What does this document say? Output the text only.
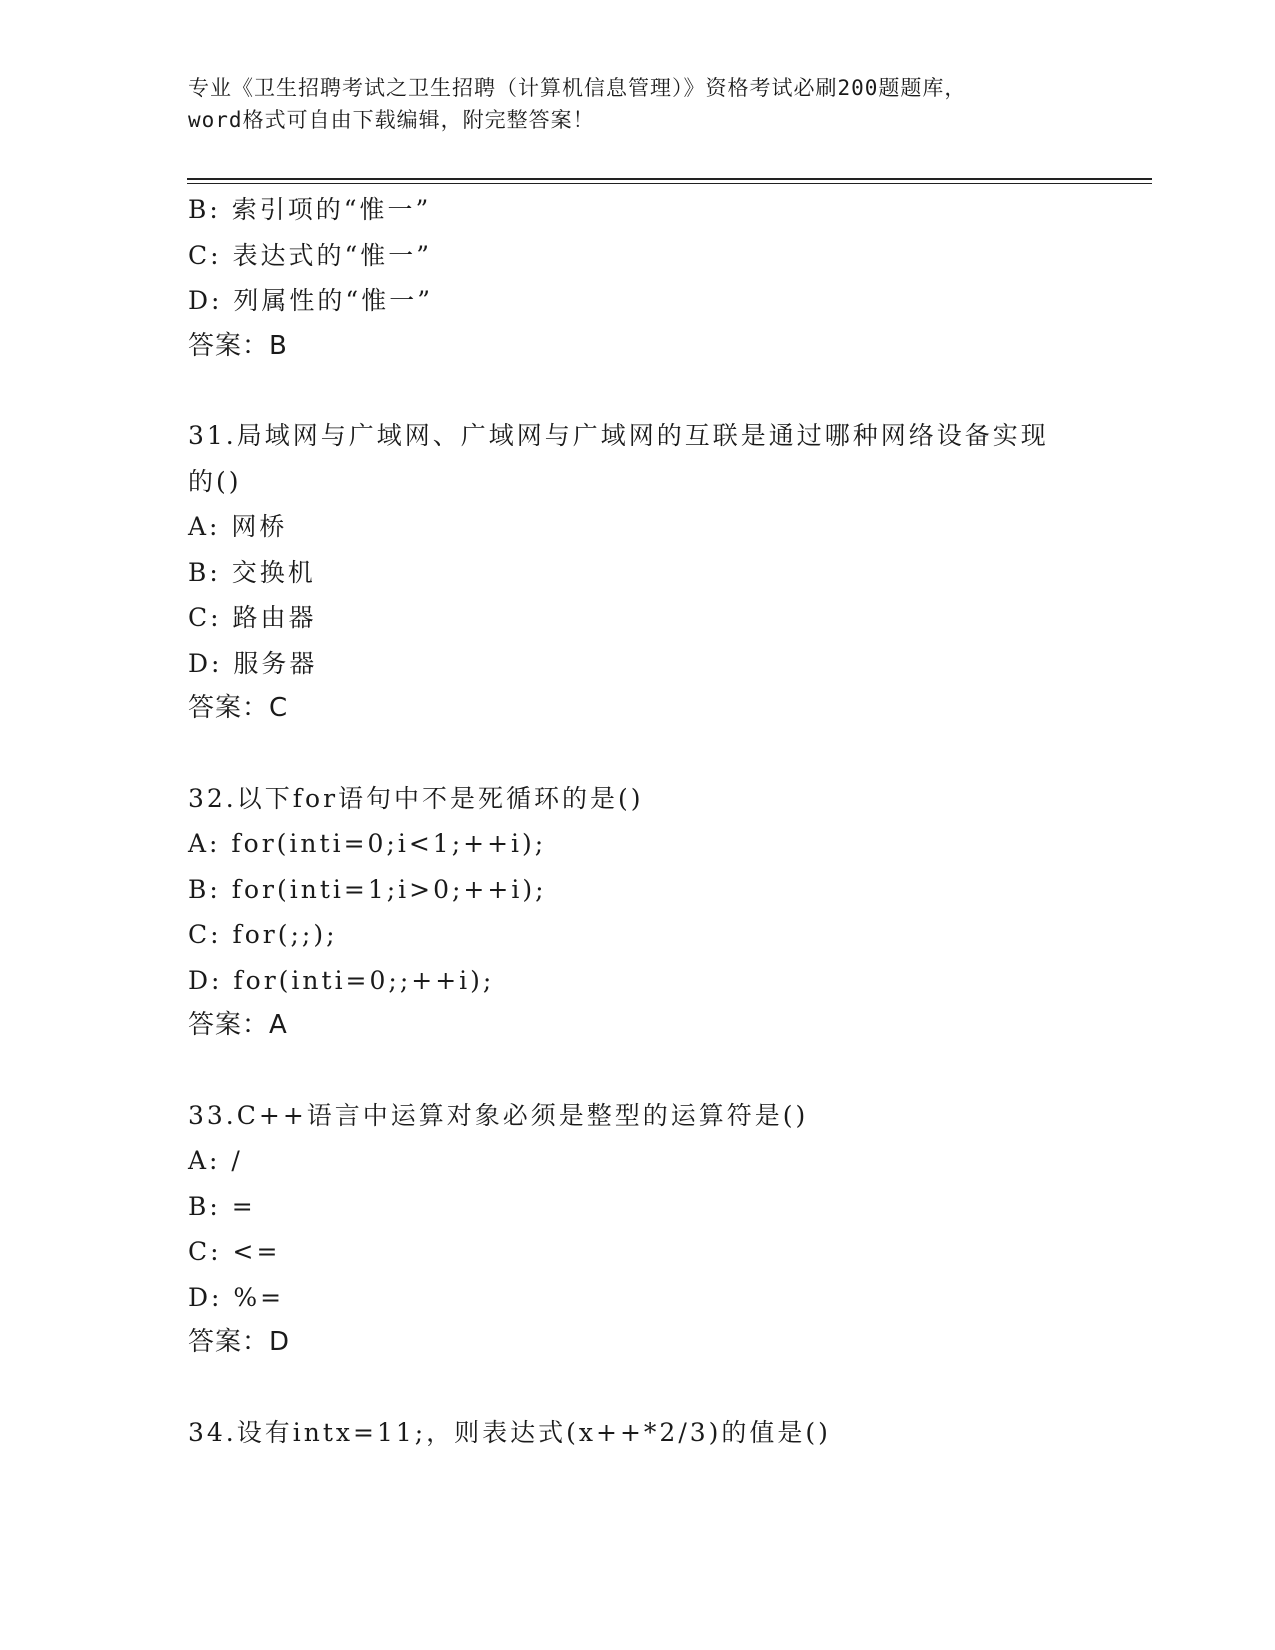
专业《卫生招聘考试之卫生招聘（计算机信息管理）》资格考试必刷200题题库，
word格式可自由下载编辑，附完整答案！
B: 索引项的“惟一”
C: 表达式的“惟一”
D: 列属性的“惟一”
答案：B
31.局域网与广域网、广域网与广域网的互联是通过哪种网络设备实现
的()
A: 网桥
B: 交换机
C: 路由器
D: 服务器
答案：C
32.以下for语句中不是死循环的是()
A: for(inti=0;i<1;++i);
B: for(inti=1;i>0;++i);
C: for(;;);
D: for(inti=0;;++i);
答案：A
33.C++语言中运算对象必须是整型的运算符是()
A: /
B: =
C: <=
D: %=
答案：D
34.设有intx=11;，则表达式(x++*2/3)的值是()
